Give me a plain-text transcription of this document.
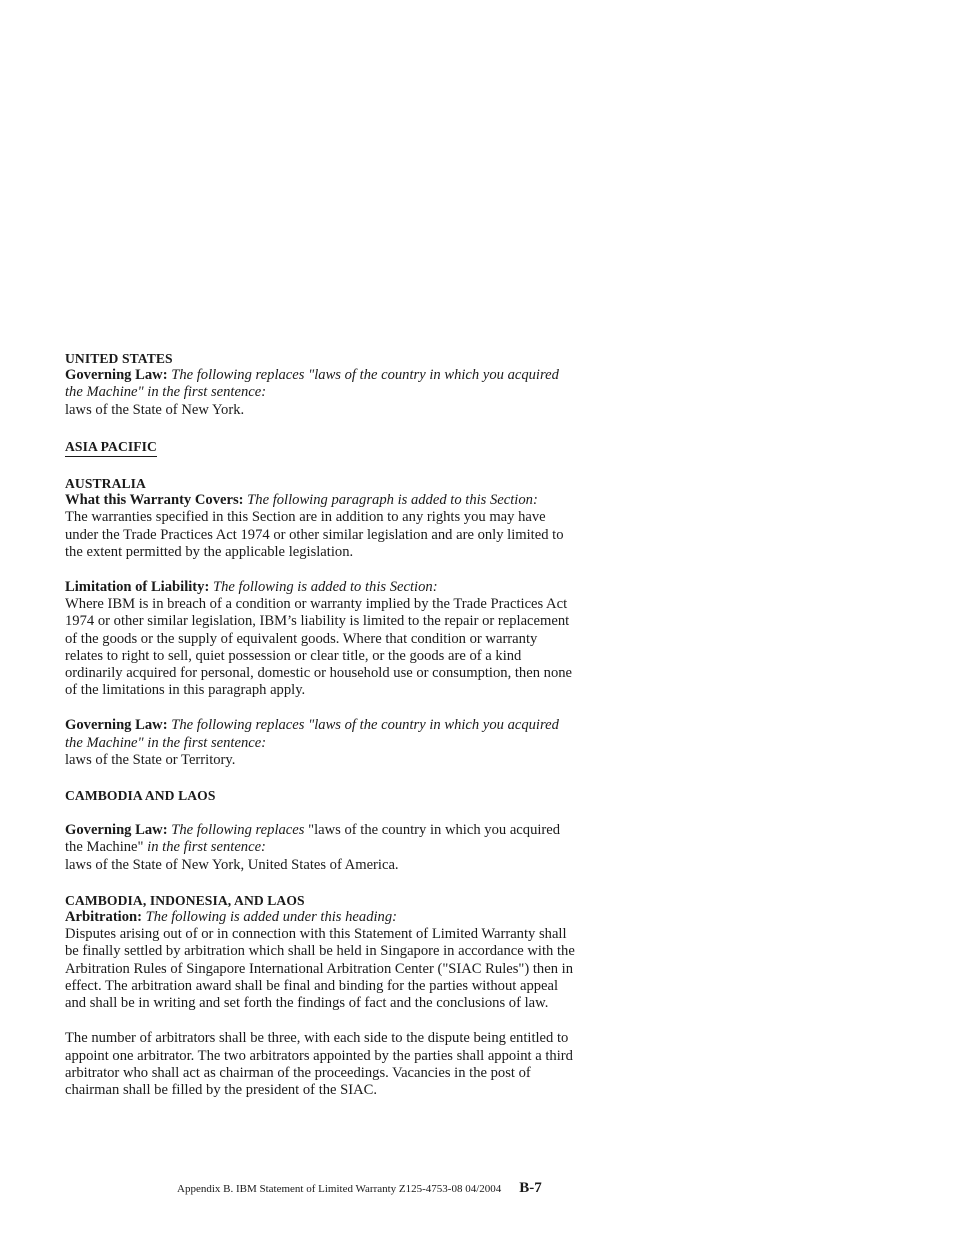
UNITED STATES

Governing Law: The following replaces "laws of the country in which you acquired the Machine" in the first sentence:

laws of the State of New York.

ASIA PACIFIC

AUSTRALIA

What this Warranty Covers: The following paragraph is added to this Section:

The warranties specified in this Section are in addition to any rights you may have under the Trade Practices Act 1974 or other similar legislation and are only limited to the extent permitted by the applicable legislation.

Limitation of Liability: The following is added to this Section:

Where IBM is in breach of a condition or warranty implied by the Trade Practices Act 1974 or other similar legislation, IBM’s liability is limited to the repair or replacement of the goods or the supply of equivalent goods. Where that condition or warranty relates to right to sell, quiet possession or clear title, or the goods are of a kind ordinarily acquired for personal, domestic or household use or consumption, then none of the limitations in this paragraph apply.

Governing Law: The following replaces "laws of the country in which you acquired the Machine" in the first sentence:

laws of the State or Territory.

CAMBODIA AND LAOS

Governing Law: The following replaces "laws of the country in which you acquired the Machine" in the first sentence:

laws of the State of New York, United States of America.

CAMBODIA, INDONESIA, AND LAOS

Arbitration: The following is added under this heading:

Disputes arising out of or in connection with this Statement of Limited Warranty shall be finally settled by arbitration which shall be held in Singapore in accordance with the Arbitration Rules of Singapore International Arbitration Center ("SIAC Rules") then in effect. The arbitration award shall be final and binding for the parties without appeal and shall be in writing and set forth the findings of fact and the conclusions of law.

The number of arbitrators shall be three, with each side to the dispute being entitled to appoint one arbitrator. The two arbitrators appointed by the parties shall appoint a third arbitrator who shall act as chairman of the proceedings. Vacancies in the post of chairman shall be filled by the president of the SIAC.

Appendix B. IBM Statement of Limited Warranty Z125-4753-08 04/2004 B-7
